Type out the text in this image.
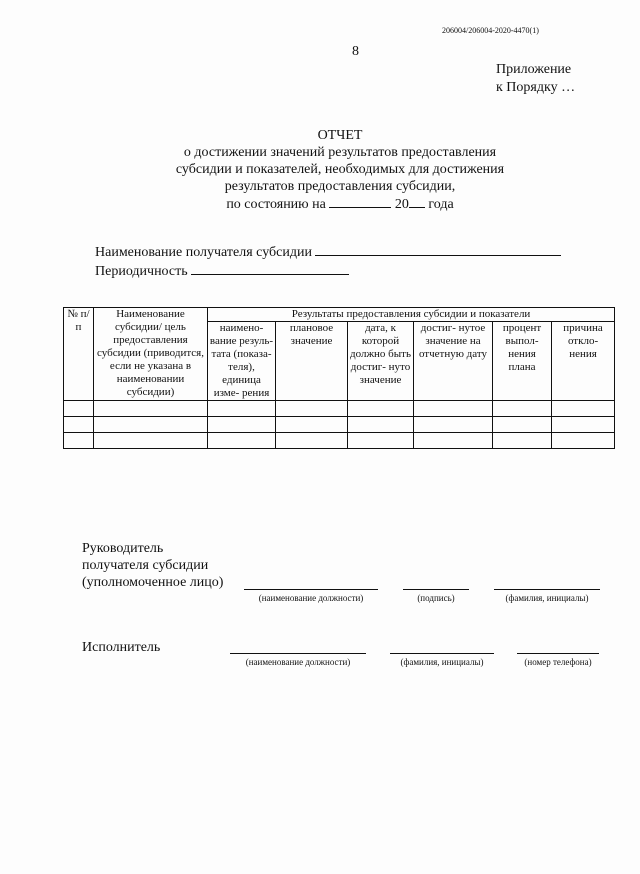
206004/206004-2020-4470(1)
8
Приложение
к Порядку …
ОТЧЕТ
о достижении значений результатов предоставления
субсидии и показателей, необходимых для достижения
результатов предоставления субсидии,
по состоянию на	20 года
Наименование получателя субсидии
Периодичность
№ п/п	Наименование субсидии/ цель предоставления субсидии (приводится, если не указана в наименовании субсидии)	Результаты предоставления субсидии и показатели					
		наимено- вание резуль- тата (показа- теля), единица изме- рения	плановое значение	дата, к которой должно быть достиг- нуто значение	достиг- нутое значение на отчетную дату	процент выпол- нения плана	причина откло- нения

Руководитель
получателя субсидии
(уполномоченное лицо)
(наименование должности)	(подпись)	(фамилия, инициалы)
Исполнитель
(наименование должности)	(фамилия, инициалы)	(номер телефона)
